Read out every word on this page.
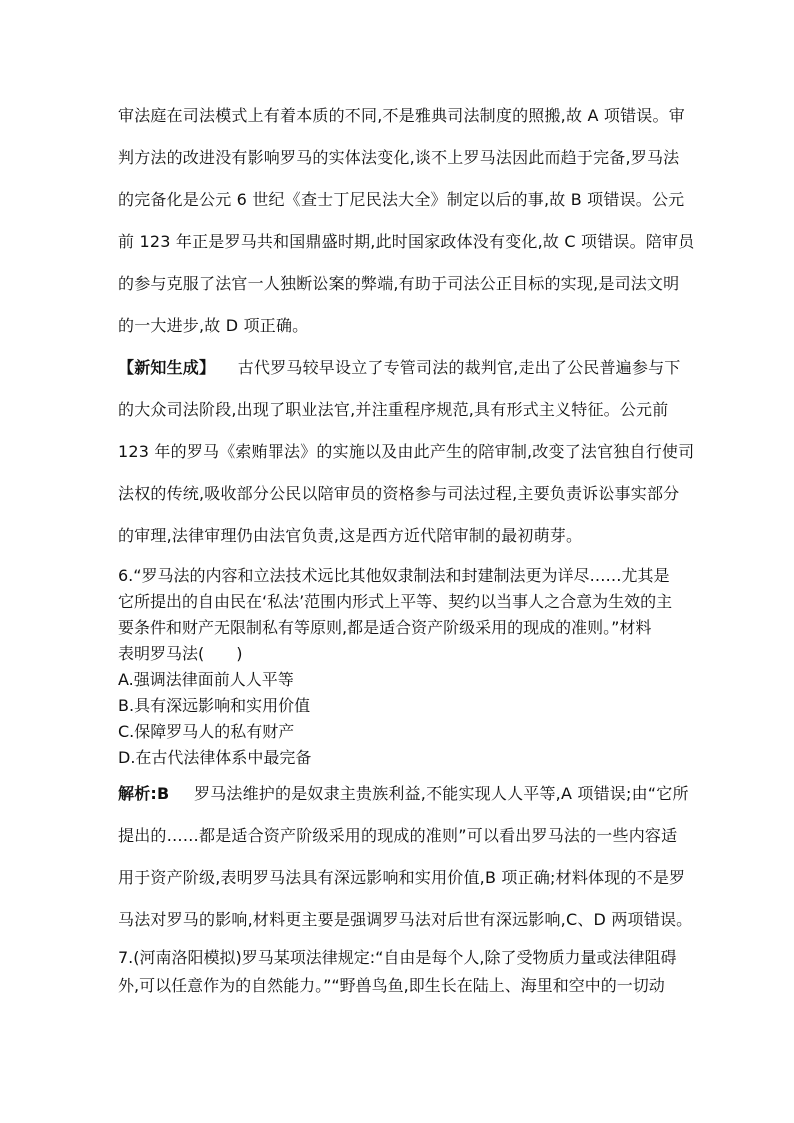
审法庭在司法模式上有着本质的不同,不是雅典司法制度的照搬,故 A 项错误。审
判方法的改进没有影响罗马的实体法变化,谈不上罗马法因此而趋于完备,罗马法
的完备化是公元 6 世纪《查士丁尼民法大全》制定以后的事,故 B 项错误。公元
前 123 年正是罗马共和国鼎盛时期,此时国家政体没有变化,故 C 项错误。陪审员
的参与克服了法官一人独断讼案的弊端,有助于司法公正目标的实现,是司法文明
的一大进步,故 D 项正确。
【新知生成】 古代罗马较早设立了专管司法的裁判官,走出了公民普遍参与下
的大众司法阶段,出现了职业法官,并注重程序规范,具有形式主义特征。公元前
123 年的罗马《索贿罪法》的实施以及由此产生的陪审制,改变了法官独自行使司
法权的传统,吸收部分公民以陪审员的资格参与司法过程,主要负责诉讼事实部分
的审理,法律审理仍由法官负责,这是西方近代陪审制的最初萌芽。
6.“罗马法的内容和立法技术远比其他奴隶制法和封建制法更为详尽……尤其是
它所提出的自由民在‘私法’范围内形式上平等、契约以当事人之合意为生效的主
要条件和财产无限制私有等原则,都是适合资产阶级采用的现成的准则。”材料
表明罗马法(　　)
A.强调法律面前人人平等
B.具有深远影响和实用价值
C.保障罗马人的私有财产
D.在古代法律体系中最完备
解析:B 罗马法维护的是奴隶主贵族利益,不能实现人人平等,A 项错误;由“它所
提出的……都是适合资产阶级采用的现成的准则”可以看出罗马法的一些内容适
用于资产阶级,表明罗马法具有深远影响和实用价值,B 项正确;材料体现的不是罗
马法对罗马的影响,材料更主要是强调罗马法对后世有深远影响,C、D 两项错误。
7.(河南洛阳模拟)罗马某项法律规定:“自由是每个人,除了受物质力量或法律阻碍
外,可以任意作为的自然能力。”“野兽鸟鱼,即生长在陆上、海里和空中的一切动
